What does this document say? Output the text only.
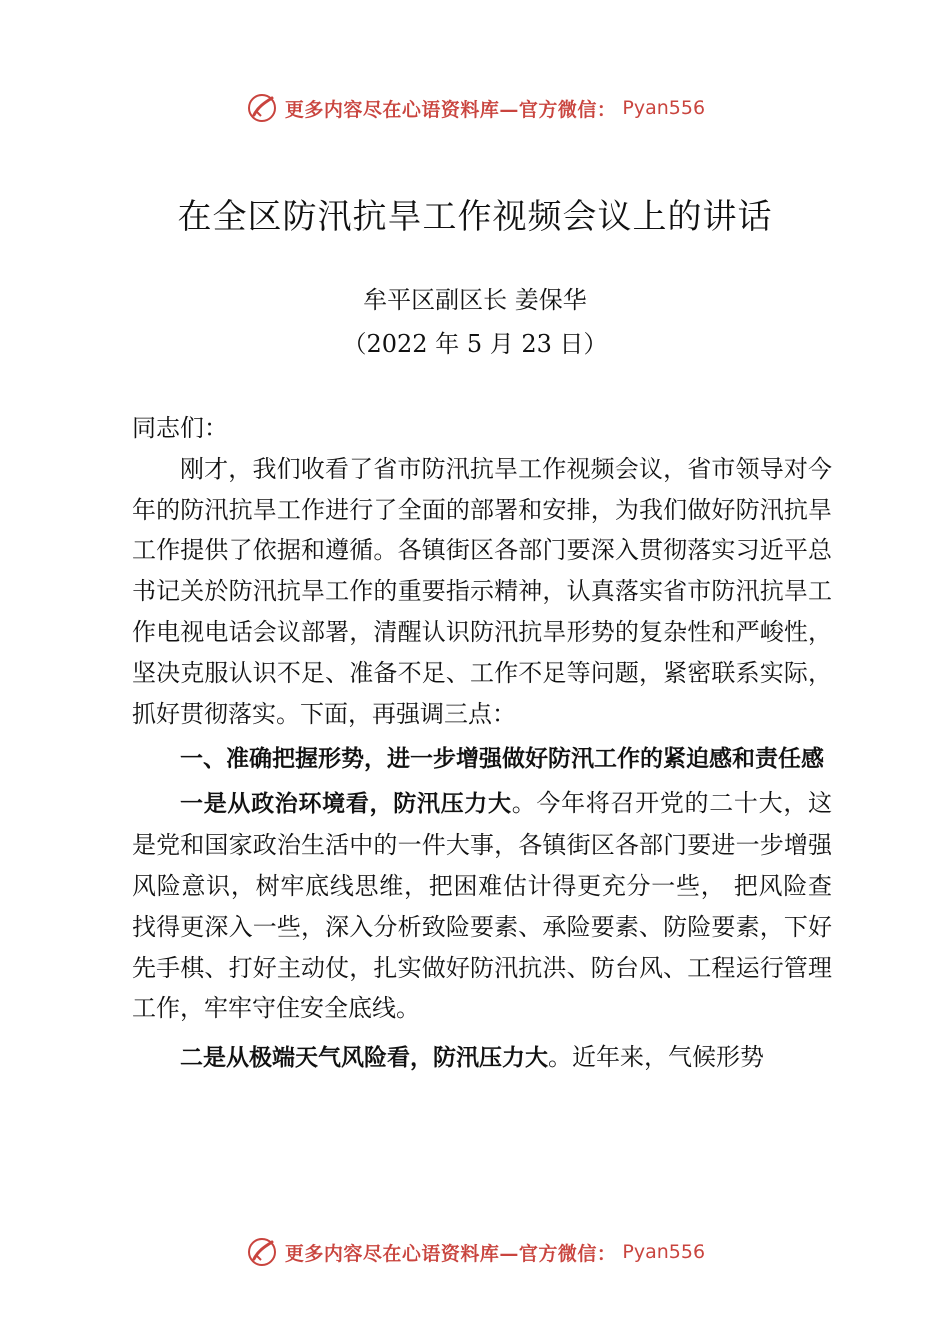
更多内容尽在心语资料库—官方微信： Pyan556
在全区防汛抗旱工作视频会议上的讲话
牟平区副区长 姜保华
（2022 年 5 月 23 日）

同志们：

刚才，我们收看了省市防汛抗旱工作视频会议，省市领导对今年的防汛抗旱工作进行了全面的部署和安排，为我们做好防汛抗旱工作提供了依据和遵循。各镇街区各部门要深入贯彻落实习近平总书记关於防汛抗旱工作的重要指示精神，认真落实省市防汛抗旱工作电视电话会议部署，清醒认识防汛抗旱形势的复杂性和严峻性，坚决克服认识不足、准备不足、工作不足等问题，紧密联系实际，抓好贯彻落实。下面，再强调三点：

一、准确把握形势，进一步增强做好防汛工作的紧迫感和责任感

一是从政治环境看，防汛压力大。今年将召开党的二十大，这是党和国家政治生活中的一件大事，各镇街区各部门要进一步增强风险意识，树牢底线思维，把困难估计得更充分一些， 把风险查找得更深入一些，深入分析致险要素、承险要素、防险要素，下好先手棋、打好主动仗，扎实做好防汛抗洪、防台风、工程运行管理工作，牢牢守住安全底线。

二是从极端天气风险看，防汛压力大。近年来，气候形势

更多内容尽在心语资料库—官方微信： Pyan556
